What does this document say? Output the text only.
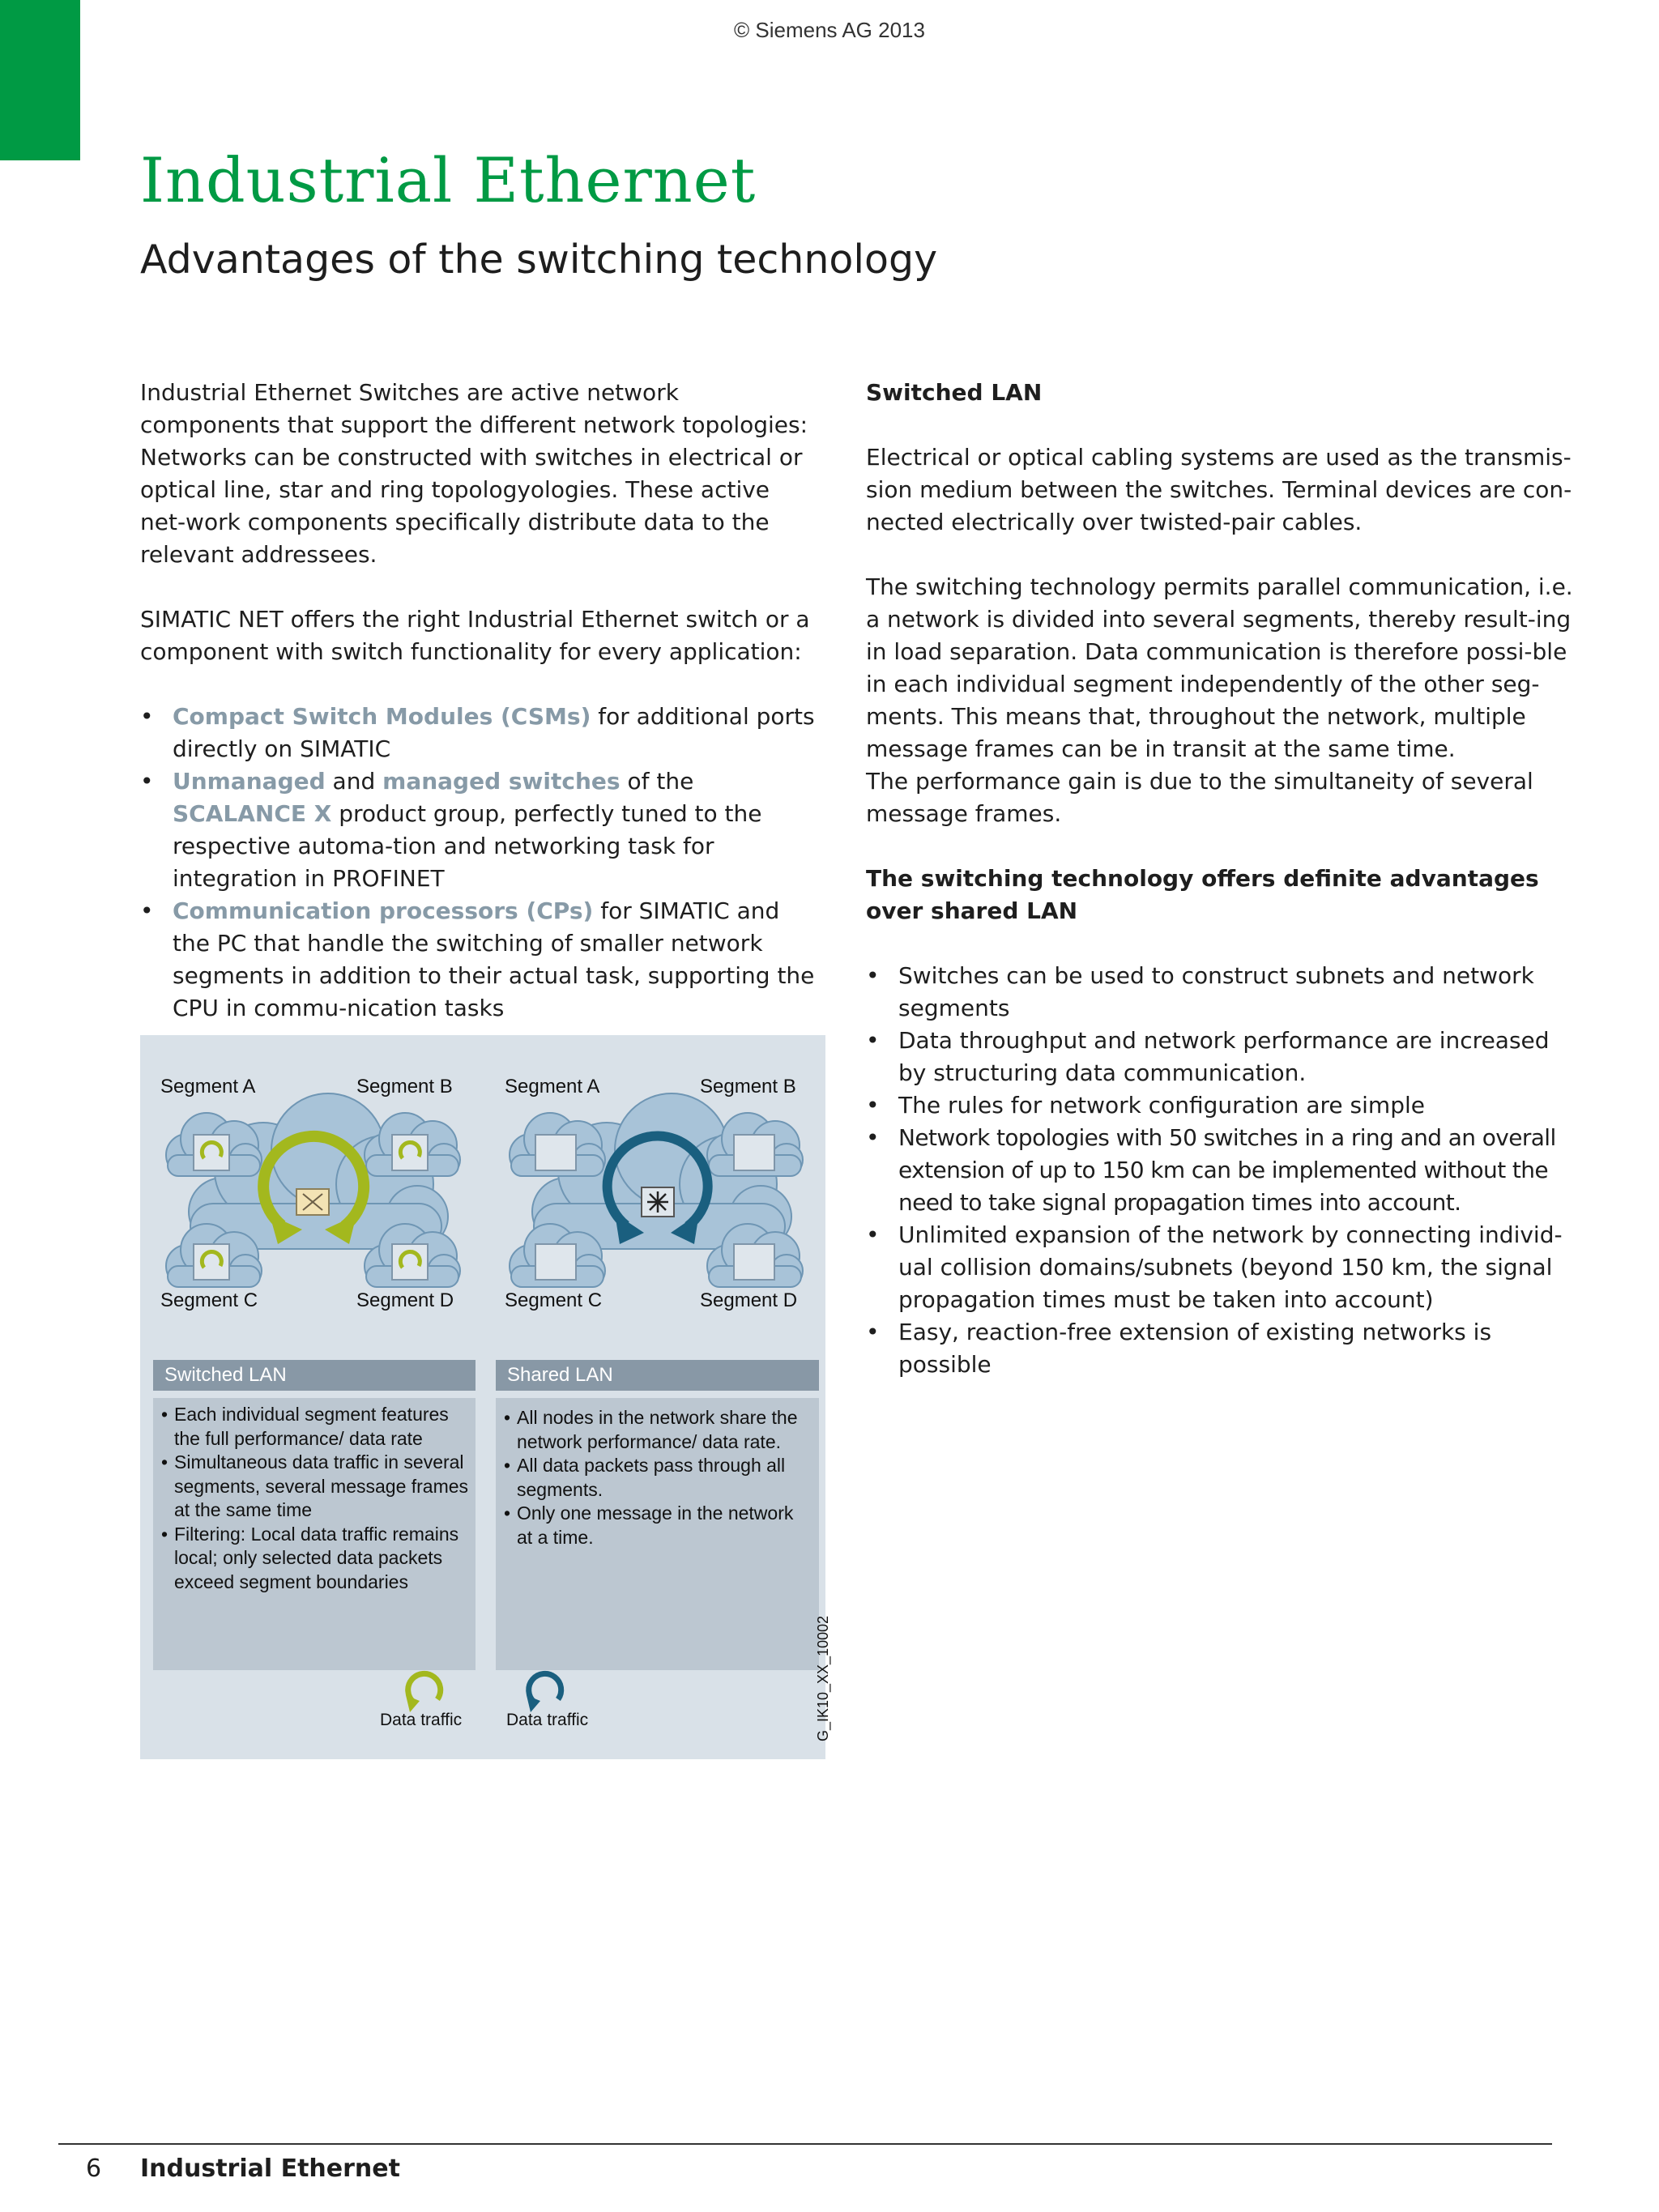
© Siemens AG 2013
Industrial Ethernet
Advantages of the switching technology

Industrial Ethernet Switches are active network components that support the different network topologies:

Networks can be constructed with switches in electrical or optical line, star and ring topologyologies. These active net-work components specifically distribute data to the relevant addressees.

SIMATIC NET offers the right Industrial Ethernet switch or a component with switch functionality for every application:

• Compact Switch Modules (CSMs) for additional ports directly on SIMATIC
• Unmanaged and managed switches of the SCALANCE X product group, perfectly tuned to the respective automa-tion and networking task for integration in PROFINET
• Communication processors (CPs) for SIMATIC and the PC that handle the switching of smaller network segments in addition to their actual task, supporting the CPU in commu-nication tasks

Switched LAN

Electrical or optical cabling systems are used as the transmis-sion medium between the switches. Terminal devices are con-nected electrically over twisted-pair cables.

The switching technology permits parallel communication, i.e. a network is divided into several segments, thereby result-ing in load separation. Data communication is therefore possi-ble in each individual segment independently of the other seg-ments. This means that, throughout the network, multiple message frames can be in transit at the same time.

The performance gain is due to the simultaneity of several message frames.

The switching technology offers definite advantages over shared LAN

• Switches can be used to construct subnets and network segments
• Data throughput and network performance are increased by structuring data communication.
• The rules for network configuration are simple
• Network topologies with 50 switches in a ring and an overall extension of up to 150 km can be implemented without the need to take signal propagation times into account.
• Unlimited expansion of the network by connecting individ-ual collision domains/subnets (beyond 150 km, the signal propagation times must be taken into account)
• Easy, reaction-free extension of existing networks is possible
Segment A	Segment B
Segment C	Segment D
Segment A	Segment B
Segment C	Segment D
Switched LAN
• Each individual segment features the full performance/ data rate
• Simultaneous data traffic in several segments, several message frames at the same time
• Filtering: Local data traffic remains local; only selected data packets exceed segment boundaries
Shared LAN
• All nodes in the network share the network performance/ data rate.
• All data packets pass through all segments.
• Only one message in the network at a time.
Data traffic	Data traffic	G_IK10_XX_10002
6 Industrial Ethernet
